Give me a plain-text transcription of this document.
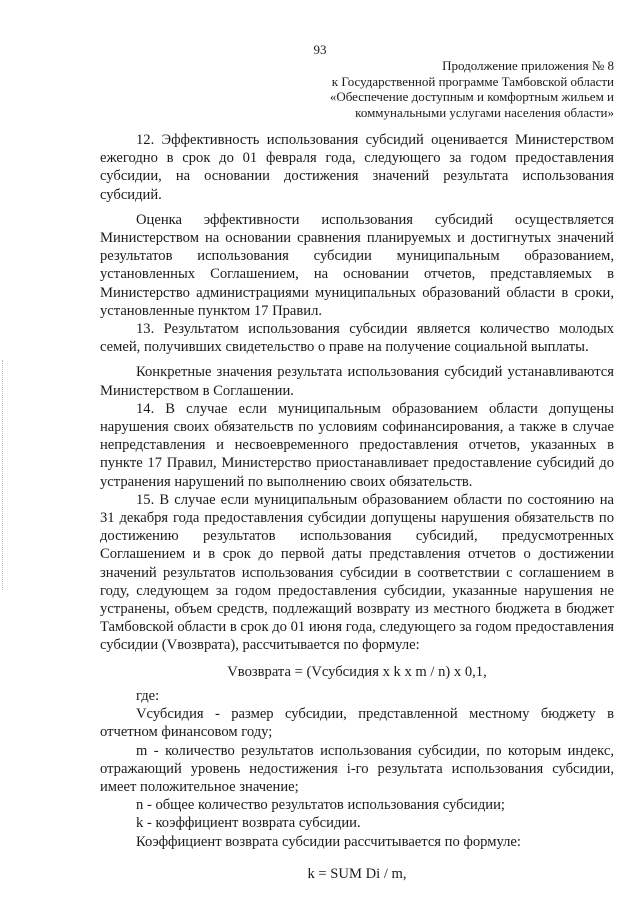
93
Продолжение приложения № 8
к Государственной программе Тамбовской области
«Обеспечение доступным и комфортным жильем и
коммунальными услугами населения области»

12. Эффективность использования субсидий оценивается Министерством ежегодно в срок до 01 февраля года, следующего за годом предоставления субсидии, на основании достижения значений результата использования субсидий.

Оценка эффективности использования субсидий осуществляется Министерством на основании сравнения планируемых и достигнутых значений результатов использования субсидии муниципальным образованием, установленных Соглашением, на основании отчетов, представляемых в Министерство администрациями муниципальных образований области в сроки, установленные пунктом 17 Правил.

13. Результатом использования субсидии является количество молодых семей, получивших свидетельство о праве на получение социальной выплаты.

Конкретные значения результата использования субсидий устанавливаются Министерством в Соглашении.

14. В случае если муниципальным образованием области допущены нарушения своих обязательств по условиям софинансирования, а также в случае непредставления и несвоевременного предоставления отчетов, указанных в пункте 17 Правил, Министерство приостанавливает предоставление субсидий до устранения нарушений по выполнению своих обязательств.

15. В случае если муниципальным образованием области по состоянию на 31 декабря года предоставления субсидии допущены нарушения обязательств по достижению результатов использования субсидий, предусмотренных Соглашением и в срок до первой даты представления отчетов о достижении значений результатов использования субсидии в соответствии с соглашением в году, следующем за годом предоставления субсидии, указанные нарушения не устранены, объем средств, подлежащий возврату из местного бюджета в бюджет Тамбовской области в срок до 01 июня года, следующего за годом предоставления субсидии (Vвозврата), рассчитывается по формуле:

Vвозврата = (Vсубсидия х k х m / n) х 0,1,

где:

Vсубсидия - размер субсидии, представленной местному бюджету в отчетном финансовом году;

m - количество результатов использования субсидии, по которым индекс, отражающий уровень недостижения i-го результата использования субсидии, имеет положительное значение;

n - общее количество результатов использования субсидии;

k - коэффициент возврата субсидии.

Коэффициент возврата субсидии рассчитывается по формуле:

k = SUM Di / m,
